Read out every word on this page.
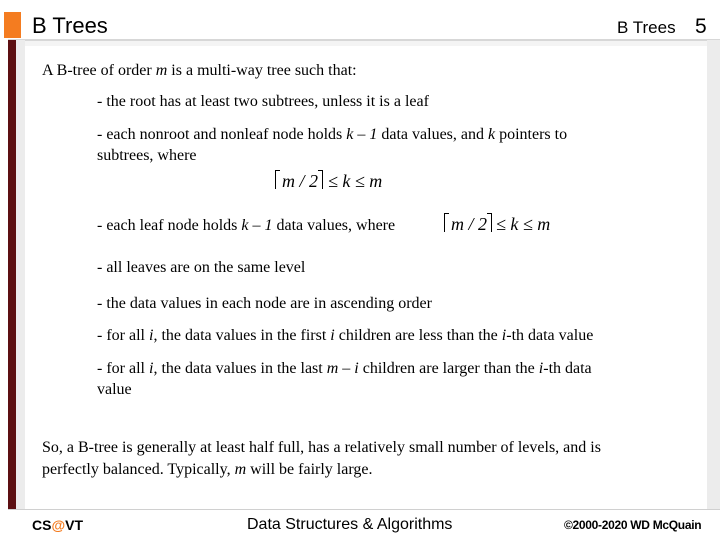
B Trees	B Trees 5
A B-tree of order m is a multi-way tree such that:
- the root has at least two subtrees, unless it is a leaf
- each nonroot and nonleaf node holds k – 1 data values, and k pointers to
subtrees, where
m / 2 ≤ k ≤ m
- each leaf node holds k – 1 data values, where	m / 2 ≤ k ≤ m
- all leaves are on the same level
- the data values in each node are in ascending order
- for all i, the data values in the first i children are less than the i-th data value
- for all i, the data values in the last m – i children are larger than the i-th data
value
So, a B-tree is generally at least half full, has a relatively small number of levels, and is
perfectly balanced. Typically, m will be fairly large.
CS@VT	Data Structures & Algorithms	©2000-2020 WD McQuain
